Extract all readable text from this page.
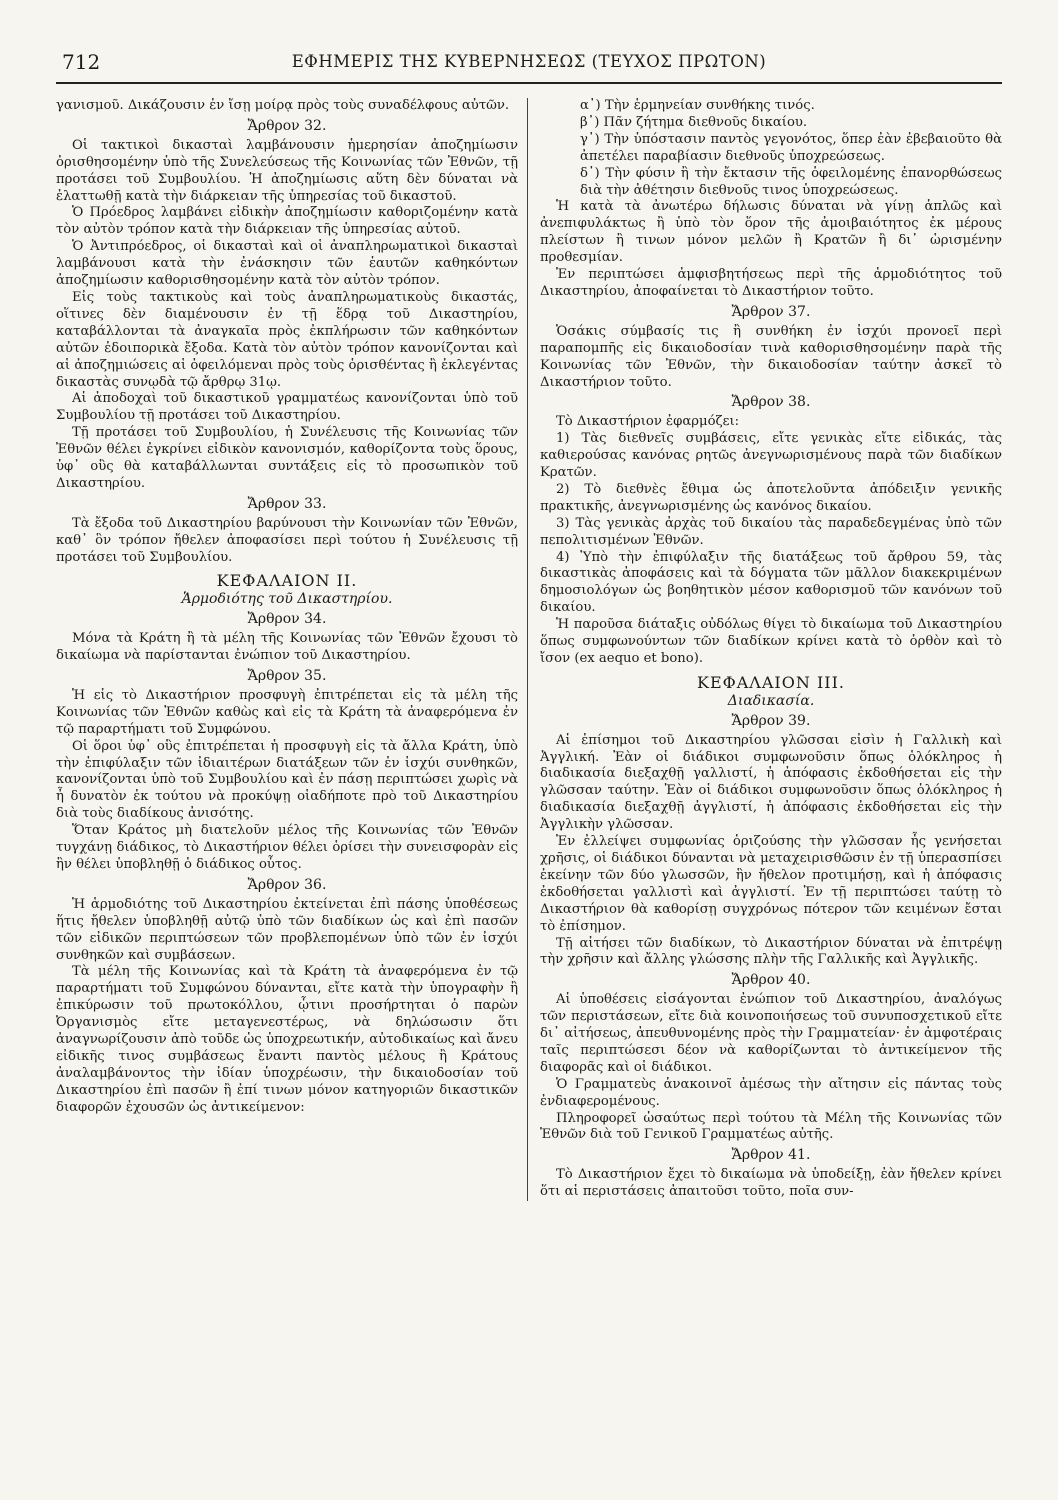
712	ΕΦΗΜΕΡΙΣ ΤΗΣ ΚΥΒΕΡΝΗΣΕΩΣ (ΤΕΥΧΟΣ ΠΡΩΤΟΝ)

γανισμοῦ. Δικάζουσιν ἐν ἴσῃ μοίρᾳ πρὸς τοὺς συναδέλφους αὐτῶν.

Ἄρθρον 32.

Οἱ τακτικοὶ δικασταὶ λαμβάνουσιν ἡμερησίαν ἀποζημίωσιν ὁρισθησομένην ὑπὸ τῆς Συνελεύσεως τῆς Κοινωνίας τῶν Ἐθνῶν, τῇ προτάσει τοῦ Συμβουλίου. Ἡ ἀποζημίωσις αὕτη δὲν δύναται νὰ ἐλαττωθῇ κατὰ τὴν διάρκειαν τῆς ὑπηρεσίας τοῦ δικαστοῦ.

Ὁ Πρόεδρος λαμβάνει εἰδικὴν ἀποζημίωσιν καθοριζομένην κατὰ τὸν αὐτὸν τρόπον κατὰ τὴν διάρκειαν τῆς ὑπηρεσίας αὐτοῦ.

Ὁ Ἀντιπρόεδρος, οἱ δικασταὶ καὶ οἱ ἀναπληρωματικοὶ δικασταὶ λαμβάνουσι κατὰ τὴν ἐνάσκησιν τῶν ἑαυτῶν καθηκόντων ἀποζημίωσιν καθορισθησομένην κατὰ τὸν αὐτὸν τρόπον.

Εἰς τοὺς τακτικοὺς καὶ τοὺς ἀναπληρωματικοὺς δικαστάς, οἵτινες δὲν διαμένουσιν ἐν τῇ ἕδρᾳ τοῦ Δικαστηρίου, καταβάλλονται τὰ ἀναγκαῖα πρὸς ἐκπλήρωσιν τῶν καθηκόντων αὐτῶν ἐδοιπορικὰ ἔξοδα. Κατὰ τὸν αὐτὸν τρόπον κανονίζονται καὶ αἱ ἀποζημιώσεις αἱ ὀφειλόμεναι πρὸς τοὺς ὁρισθέντας ἢ ἐκλεγέντας δικαστὰς συνῳδὰ τῷ ἄρθρῳ 31ῳ.

Αἱ ἀποδοχαὶ τοῦ δικαστικοῦ γραμματέως κανονίζονται ὑπὸ τοῦ Συμβουλίου τῇ προτάσει τοῦ Δικαστηρίου.

Τῇ προτάσει τοῦ Συμβουλίου, ἡ Συνέλευσις τῆς Κοινωνίας τῶν Ἐθνῶν θέλει ἐγκρίνει εἰδικὸν κανονισμόν, καθορίζοντα τοὺς ὅρους, ὑφ᾽ οὓς θὰ καταβάλλωνται συντάξεις εἰς τὸ προσωπικὸν τοῦ Δικαστηρίου.

Ἄρθρον 33.

Τὰ ἔξοδα τοῦ Δικαστηρίου βαρύνουσι τὴν Κοινωνίαν τῶν Ἐθνῶν, καθ᾽ ὃν τρόπον ἤθελεν ἀποφασίσει περὶ τούτου ἡ Συνέλευσις τῇ προτάσει τοῦ Συμβουλίου.

ΚΕΦΑΛΑΙΟΝ ΙΙ.
Ἁρμοδιότης τοῦ Δικαστηρίου.
Ἄρθρον 34.

Μόνα τὰ Κράτη ἢ τὰ μέλη τῆς Κοινωνίας τῶν Ἐθνῶν ἔχουσι τὸ δικαίωμα νὰ παρίστανται ἐνώπιον τοῦ Δικαστηρίου.

Ἄρθρον 35.

Ἡ εἰς τὸ Δικαστήριον προσφυγὴ ἐπιτρέπεται εἰς τὰ μέλη τῆς Κοινωνίας τῶν Ἐθνῶν καθὼς καὶ εἰς τὰ Κράτη τὰ ἀναφερόμενα ἐν τῷ παραρτήματι τοῦ Συμφώνου.

Οἱ ὅροι ὑφ᾽ οὓς ἐπιτρέπεται ἡ προσφυγὴ εἰς τὰ ἄλλα Κράτη, ὑπὸ τὴν ἐπιφύλαξιν τῶν ἰδιαιτέρων διατάξεων τῶν ἐν ἰσχύι συνθηκῶν, κανονίζονται ὑπὸ τοῦ Συμβουλίου καὶ ἐν πάσῃ περιπτώσει χωρὶς νὰ ἦ δυνατὸν ἐκ τούτου νὰ προκύψῃ οἱαδήποτε πρὸ τοῦ Δικαστηρίου διὰ τοὺς διαδίκους ἀνισότης.

Ὅταν Κράτος μὴ διατελοῦν μέλος τῆς Κοινωνίας τῶν Ἐθνῶν τυγχάνῃ διάδικος, τὸ Δικαστήριον θέλει ὁρίσει τὴν συνεισφορὰν εἰς ἣν θέλει ὑποβληθῇ ὁ διάδικος οὗτος.

Ἄρθρον 36.

Ἡ ἁρμοδιότης τοῦ Δικαστηρίου ἐκτείνεται ἐπὶ πάσης ὑποθέσεως ἥτις ἤθελεν ὑποβληθῇ αὐτῷ ὑπὸ τῶν διαδίκων ὡς καὶ ἐπὶ πασῶν τῶν εἰδικῶν περιπτώσεων τῶν προβλεπομένων ὑπὸ τῶν ἐν ἰσχύι συνθηκῶν καὶ συμβάσεων.

Τὰ μέλη τῆς Κοινωνίας καὶ τὰ Κράτη τὰ ἀναφερόμενα ἐν τῷ παραρτήματι τοῦ Συμφώνου δύνανται, εἴτε κατὰ τὴν ὑπογραφὴν ἢ ἐπικύρωσιν τοῦ πρωτοκόλλου, ᾧτινι προσήρτηται ὁ παρὼν Ὀργανισμὸς εἴτε μεταγενεστέρως, νὰ δηλώσωσιν ὅτι ἀναγνωρίζουσιν ἀπὸ τοῦδε ὡς ὑποχρεωτικήν, αὐτοδικαίως καὶ ἄνευ εἰδικῆς τινος συμβάσεως ἔναντι παντὸς μέλους ἢ Κράτους ἀναλαμβάνοντος τὴν ἰδίαν ὑποχρέωσιν, τὴν δικαιοδοσίαν τοῦ Δικαστηρίου ἐπὶ πασῶν ἢ ἐπί τινων μόνον κατηγοριῶν δικαστικῶν διαφορῶν ἐχουσῶν ὡς ἀντικείμενον:

α᾽) Τὴν ἑρμηνείαν συνθήκης τινός.

β᾽) Πᾶν ζήτημα διεθνοῦς δικαίου.

γ᾽) Τὴν ὑπόστασιν παντὸς γεγονότος, ὅπερ ἐὰν ἐβεβαιοῦτο θὰ ἀπετέλει παραβίασιν διεθνοῦς ὑποχρεώσεως.

δ᾽) Τὴν φύσιν ἢ τὴν ἔκτασιν τῆς ὀφειλομένης ἐπανορθώσεως διὰ τὴν ἀθέτησιν διεθνοῦς τινος ὑποχρεώσεως.

Ἡ κατὰ τὰ ἀνωτέρω δήλωσις δύναται νὰ γίνῃ ἁπλῶς καὶ ἀνεπιφυλάκτως ἢ ὑπὸ τὸν ὅρον τῆς ἀμοιβαιότητος ἐκ μέρους πλείστων ἢ τινων μόνον μελῶν ἢ Κρατῶν ἢ δι᾽ ὡρισμένην προθεσμίαν.

Ἐν περιπτώσει ἀμφισβητήσεως περὶ τῆς ἁρμοδιότητος τοῦ Δικαστηρίου, ἀποφαίνεται τὸ Δικαστήριον τοῦτο.

Ἄρθρον 37.

Ὁσάκις σύμβασίς τις ἢ συνθήκη ἐν ἰσχύι προνοεῖ περὶ παραπομπῆς εἰς δικαιοδοσίαν τινὰ καθορισθησομένην παρὰ τῆς Κοινωνίας τῶν Ἐθνῶν, τὴν δικαιοδοσίαν ταύτην ἀσκεῖ τὸ Δικαστήριον τοῦτο.

Ἄρθρον 38.

Τὸ Δικαστήριον ἐφαρμόζει:

1) Τὰς διεθνεῖς συμβάσεις, εἴτε γενικὰς εἴτε εἰδικάς, τὰς καθιερούσας κανόνας ρητῶς ἀνεγνωρισμένους παρὰ τῶν διαδίκων Κρατῶν.

2) Τὸ διεθνὲς ἔθιμα ὡς ἀποτελοῦντα ἀπόδειξιν γενικῆς πρακτικῆς, ἀνεγνωρισμένης ὡς κανόνος δικαίου.

3) Τὰς γενικὰς ἀρχὰς τοῦ δικαίου τὰς παραδεδεγμένας ὑπὸ τῶν πεπολιτισμένων Ἐθνῶν.

4) Ὑπὸ τὴν ἐπιφύλαξιν τῆς διατάξεως τοῦ ἄρθρου 59, τὰς δικαστικὰς ἀποφάσεις καὶ τὰ δόγματα τῶν μᾶλλον διακεκριμένων δημοσιολόγων ὡς βοηθητικὸν μέσον καθορισμοῦ τῶν κανόνων τοῦ δικαίου.

Ἡ παροῦσα διάταξις οὐδόλως θίγει τὸ δικαίωμα τοῦ Δικαστηρίου ὅπως συμφωνούντων τῶν διαδίκων κρίνει κατὰ τὸ ὀρθὸν καὶ τὸ ἴσον (ex aequo et bono).

ΚΕΦΑΛΑΙΟΝ ΙΙΙ.
Διαδικασία.
Ἄρθρον 39.

Αἱ ἐπίσημοι τοῦ Δικαστηρίου γλῶσσαι εἰσὶν ἡ Γαλλικὴ καὶ Ἀγγλική. Ἐὰν οἱ διάδικοι συμφωνοῦσιν ὅπως ὁλόκληρος ἡ διαδικασία διεξαχθῇ γαλλιστί, ἡ ἀπόφασις ἐκδοθήσεται εἰς τὴν γλῶσσαν ταύτην. Ἐὰν οἱ διάδικοι συμφωνοῦσιν ὅπως ὁλόκληρος ἡ διαδικασία διεξαχθῇ ἀγγλιστί, ἡ ἀπόφασις ἐκδοθήσεται εἰς τὴν Ἀγγλικὴν γλῶσσαν.

Ἐν ἐλλείψει συμφωνίας ὁριζούσης τὴν γλῶσσαν ἧς γενήσεται χρῆσις, οἱ διάδικοι δύνανται νὰ μεταχειρισθῶσιν ἐν τῇ ὑπερασπίσει ἐκείνην τῶν δύο γλωσσῶν, ἣν ἤθελον προτιμήσῃ, καὶ ἡ ἀπόφασις ἐκδοθήσεται γαλλιστὶ καὶ ἀγγλιστί. Ἐν τῇ περιπτώσει ταύτῃ τὸ Δικαστήριον θὰ καθορίσῃ συγχρόνως πότερον τῶν κειμένων ἔσται τὸ ἐπίσημον.

Τῇ αἰτήσει τῶν διαδίκων, τὸ Δικαστήριον δύναται νὰ ἐπιτρέψῃ τὴν χρῆσιν καὶ ἄλλης γλώσσης πλὴν τῆς Γαλλικῆς καὶ Ἀγγλικῆς.

Ἄρθρον 40.

Αἱ ὑποθέσεις εἰσάγονται ἐνώπιον τοῦ Δικαστηρίου, ἀναλόγως τῶν περιστάσεων, εἴτε διὰ κοινοποιήσεως τοῦ συνυποσχετικοῦ εἴτε δι᾽ αἰτήσεως, ἀπευθυνομένης πρὸς τὴν Γραμματείαν· ἐν ἀμφοτέραις ταῖς περιπτώσεσι δέον νὰ καθορίζωνται τὸ ἀντικείμενον τῆς διαφορᾶς καὶ οἱ διάδικοι.

Ὁ Γραμματεὺς ἀνακοινοῖ ἀμέσως τὴν αἴτησιν εἰς πάντας τοὺς ἐνδιαφερομένους.

Πληροφορεῖ ὡσαύτως περὶ τούτου τὰ Μέλη τῆς Κοινωνίας τῶν Ἐθνῶν διὰ τοῦ Γενικοῦ Γραμματέως αὐτῆς.

Ἄρθρον 41.

Τὸ Δικαστήριον ἔχει τὸ δικαίωμα νὰ ὑποδείξῃ, ἐὰν ἤθελεν κρίνει ὅτι αἱ περιστάσεις ἀπαιτοῦσι τοῦτο, ποῖα συν-
